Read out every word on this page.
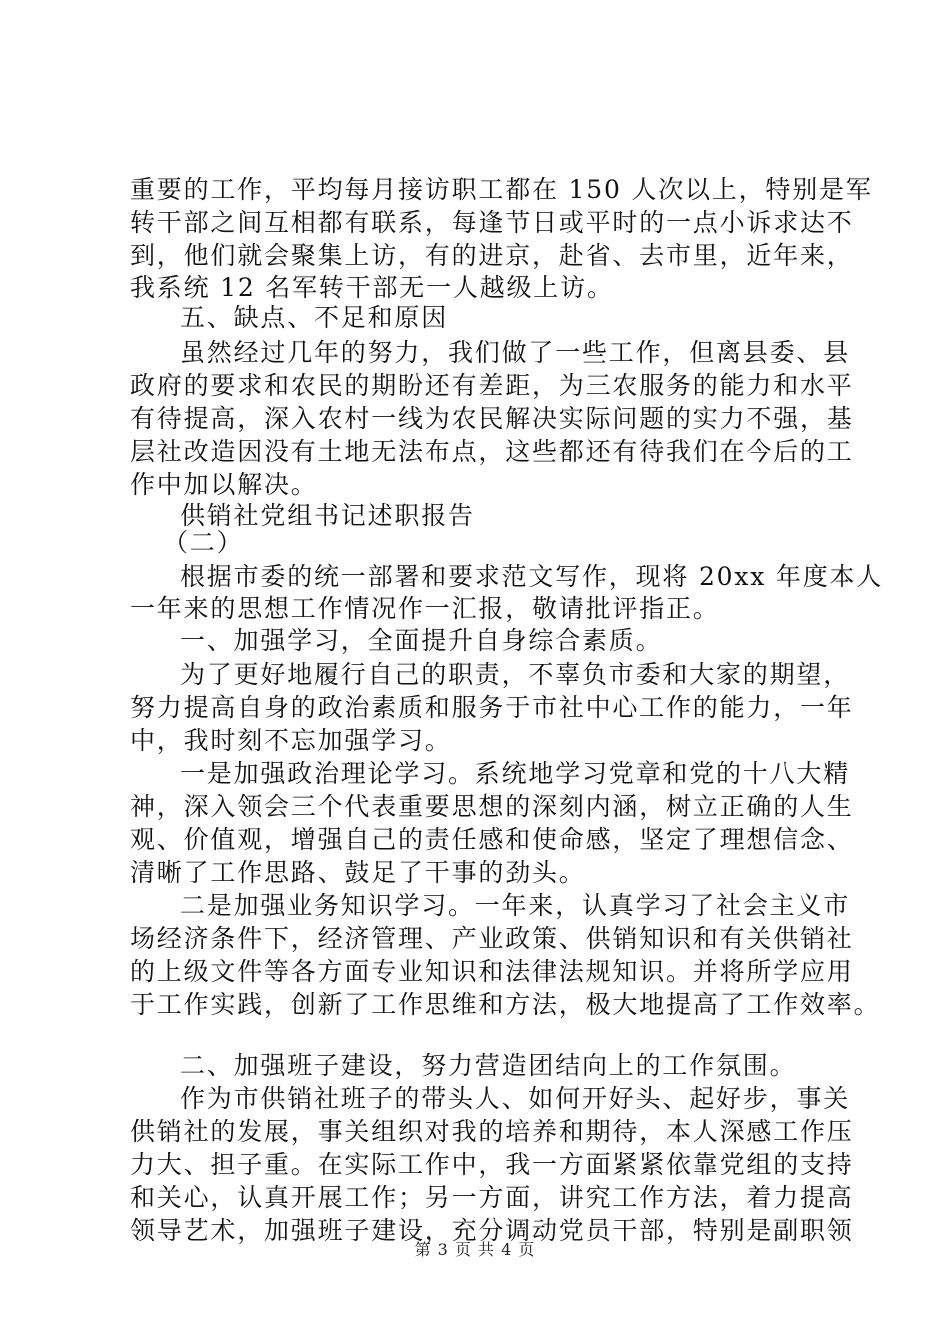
重要的工作，平均每月接访职工都在 150 人次以上，特别是军
转干部之间互相都有联系，每逢节日或平时的一点小诉求达不
到，他们就会聚集上访，有的进京，赴省、去市里，近年来，
我系统 12 名军转干部无一人越级上访。
五、缺点、不足和原因
虽然经过几年的努力，我们做了一些工作，但离县委、县
政府的要求和农民的期盼还有差距，为三农服务的能力和水平
有待提高，深入农村一线为农民解决实际问题的实力不强，基
层社改造因没有土地无法布点，这些都还有待我们在今后的工
作中加以解决。
供销社党组书记述职报告
（二）
根据市委的统一部署和要求范文写作，现将 20xx 年度本人
一年来的思想工作情况作一汇报，敬请批评指正。
一、加强学习，全面提升自身综合素质。
为了更好地履行自己的职责，不辜负市委和大家的期望，
努力提高自身的政治素质和服务于市社中心工作的能力，一年
中，我时刻不忘加强学习。
一是加强政治理论学习。系统地学习党章和党的十八大精
神，深入领会三个代表重要思想的深刻内涵，树立正确的人生
观、价值观，增强自己的责任感和使命感，坚定了理想信念、
清晰了工作思路、鼓足了干事的劲头。
二是加强业务知识学习。一年来，认真学习了社会主义市
场经济条件下，经济管理、产业政策、供销知识和有关供销社
的上级文件等各方面专业知识和法律法规知识。并将所学应用
于工作实践，创新了工作思维和方法，极大地提高了工作效率。
二、加强班子建设，努力营造团结向上的工作氛围。
作为市供销社班子的带头人、如何开好头、起好步，事关
供销社的发展，事关组织对我的培养和期待，本人深感工作压
力大、担子重。在实际工作中，我一方面紧紧依靠党组的支持
和关心，认真开展工作；另一方面，讲究工作方法，着力提高
领导艺术，加强班子建设，充分调动党员干部，特别是副职领
第 3 页 共 4 页
